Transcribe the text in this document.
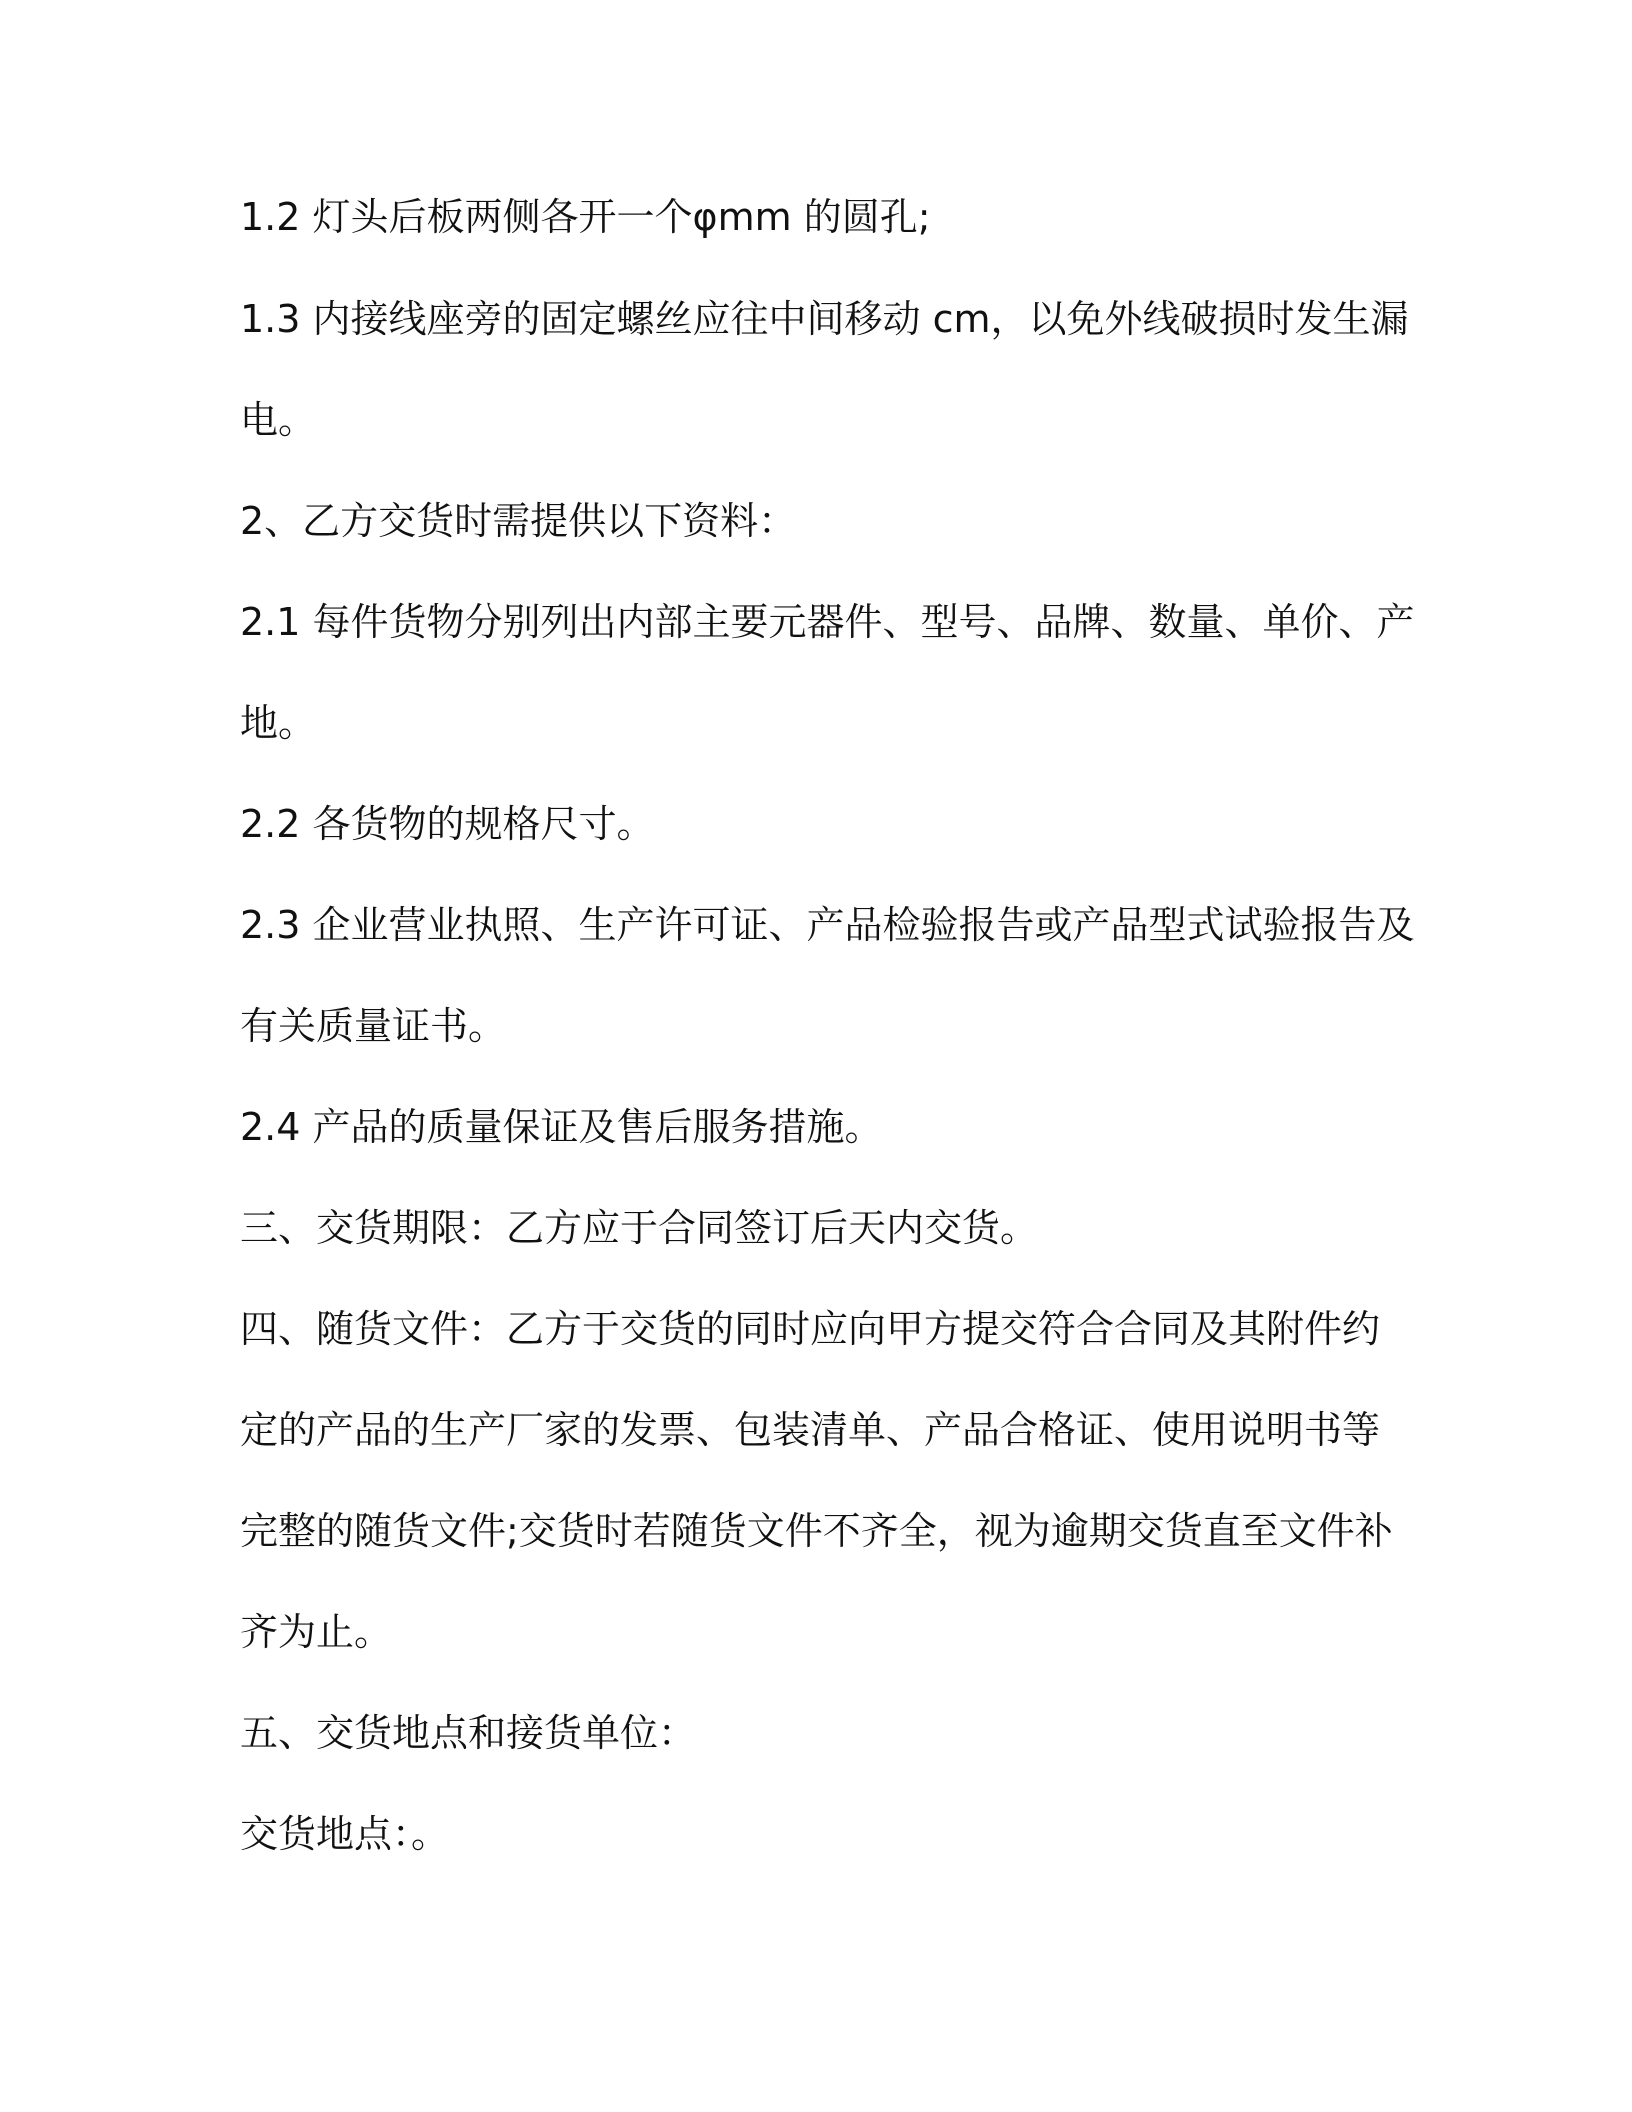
1.2 灯头后板两侧各开一个φmm 的圆孔;
1.3 内接线座旁的固定螺丝应往中间移动 cm，以免外线破损时发生漏
电。
2、乙方交货时需提供以下资料：
2.1 每件货物分别列出内部主要元器件、型号、品牌、数量、单价、产
地。
2.2 各货物的规格尺寸。
2.3 企业营业执照、生产许可证、产品检验报告或产品型式试验报告及
有关质量证书。
2.4 产品的质量保证及售后服务措施。
三、交货期限：乙方应于合同签订后天内交货。
四、随货文件：乙方于交货的同时应向甲方提交符合合同及其附件约
定的产品的生产厂家的发票、包装清单、产品合格证、使用说明书等
完整的随货文件;交货时若随货文件不齐全，视为逾期交货直至文件补
齐为止。
五、交货地点和接货单位：
交货地点：。
